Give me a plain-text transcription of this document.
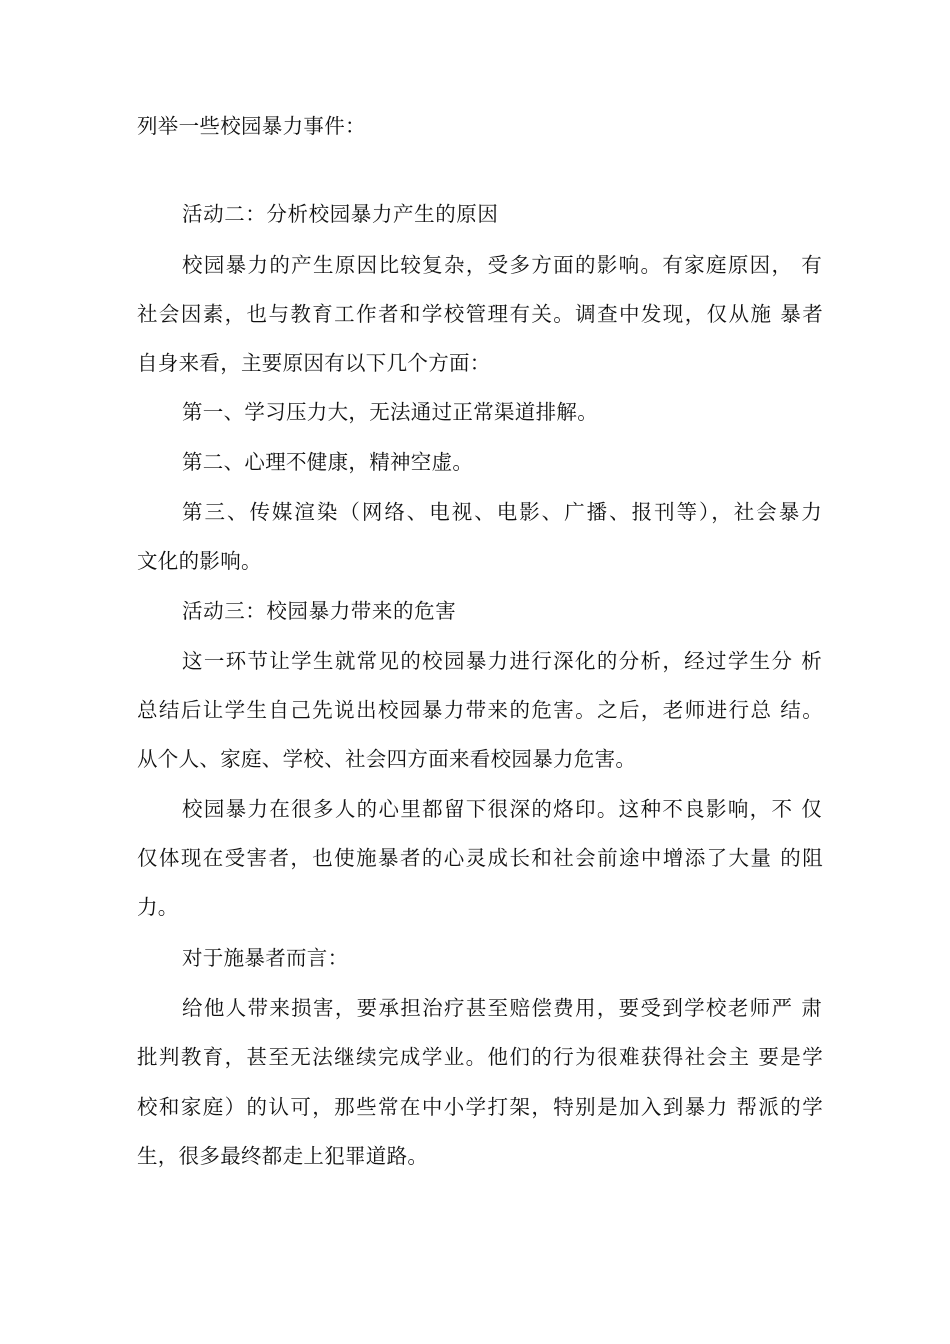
列举一些校园暴力事件：
活动二：分析校园暴力产生的原因
校园暴力的产生原因比较复杂，受多方面的影响。有家庭原因， 有
社会因素，也与教育工作者和学校管理有关。调查中发现，仅从施 暴者
自身来看，主要原因有以下几个方面：
第一、学习压力大，无法通过正常渠道排解。
第二、心理不健康，精神空虚。
第三、传媒渲染（网络、电视、电影、广播、报刊等），社会暴力
文化的影响。
活动三：校园暴力带来的危害
这一环节让学生就常见的校园暴力进行深化的分析，经过学生分 析
总结后让学生自己先说出校园暴力带来的危害。之后，老师进行总 结。
从个人、家庭、学校、社会四方面来看校园暴力危害。
校园暴力在很多人的心里都留下很深的烙印。这种不良影响，不 仅
仅体现在受害者，也使施暴者的心灵成长和社会前途中增添了大量 的阻
力。
对于施暴者而言：
给他人带来损害，要承担治疗甚至赔偿费用，要受到学校老师严 肃
批判教育，甚至无法继续完成学业。他们的行为很难获得社会主 要是学
校和家庭）的认可，那些常在中小学打架，特别是加入到暴力 帮派的学
生，很多最终都走上犯罪道路。
